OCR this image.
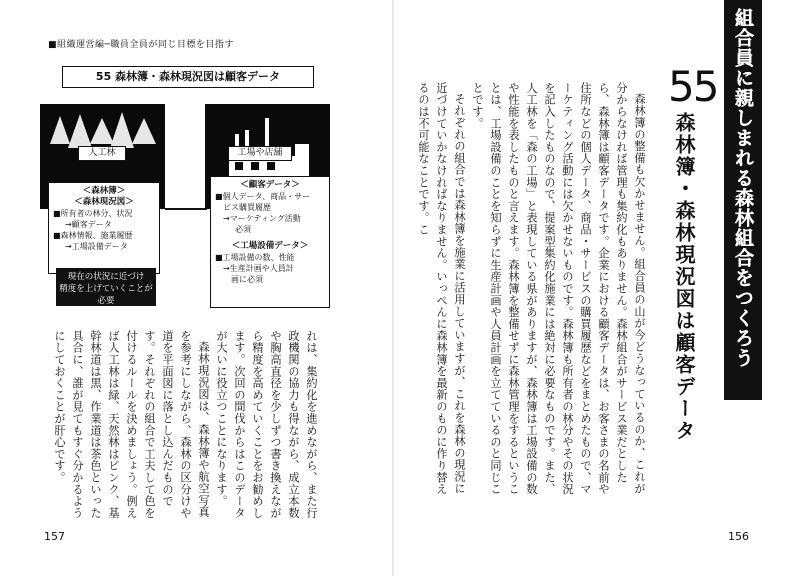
■組織運営編─職員全員が同じ目標を目指す
55 森林簿・森林現況図は顧客データ
人工林	工場や店舗
＜森林簿＞
＜森林現況図＞
■所有者の林分、状況
→顧客データ
■森林情報、施業履歴
→工場設備データ
＜顧客データ＞
■個人データ、商品・サー
ビス購買履歴
→マーケティング活動
必須
＜工場設備データ＞
■工場設備の数、性能
→生産計画や人員計
画に必須
現在の状況に近づけ
精度を上げていくことが
必要

れは、集約化を進めながら、また行政機関の協力も得ながら、成立本数や胸高直径を少しずつ書き換えながら精度を高めていくことをお勧めします。次回の間伐からはこのデータが大いに役立つことになります。

森林現況図は、森林簿や航空写真を参考にしながら、森林の区分けや道を平面図に落とし込んだものです。それぞれの組合で工夫して色を付けるルールを決めましょう。例えば人工林は緑、天然林はピンク、基幹林道は黒、作業道は茶色といった具合に、誰が見てもすぐ分かるようにしておくことが肝心です。

157
組合員に親しまれる森林組合をつくろう
55
森林簿・森林現況図は顧客データ

森林簿の整備も欠かせません。組合員の山が今どうなっているのか、これが分からなければ管理も集約化もありません。森林組合がサービス業だとしたら、森林簿は顧客データです。企業における顧客データは、お客さまの名前や住所などの個人データ、商品・サービスの購買履歴などをまとめたもので、マーケティング活動には欠かせないものです。森林簿も所有者の林分やその状況を記入したものなので、提案型集約化施業には絶対に必要なものです。また、人工林を「森の工場」と表現している県がありますが、森林簿は工場設備の数や性能を表したものと言えます。森林簿を整備せずに森林管理をするということは、工場設備のことを知らずに生産計画や人員計画を立てているのと同じことです。

それぞれの組合では森林簿を施業に活用していますが、これを森林の現況に近づけていかなければなりません。いっぺんに森林簿を最新のものに作り替えるのは不可能なことです。こ

156
